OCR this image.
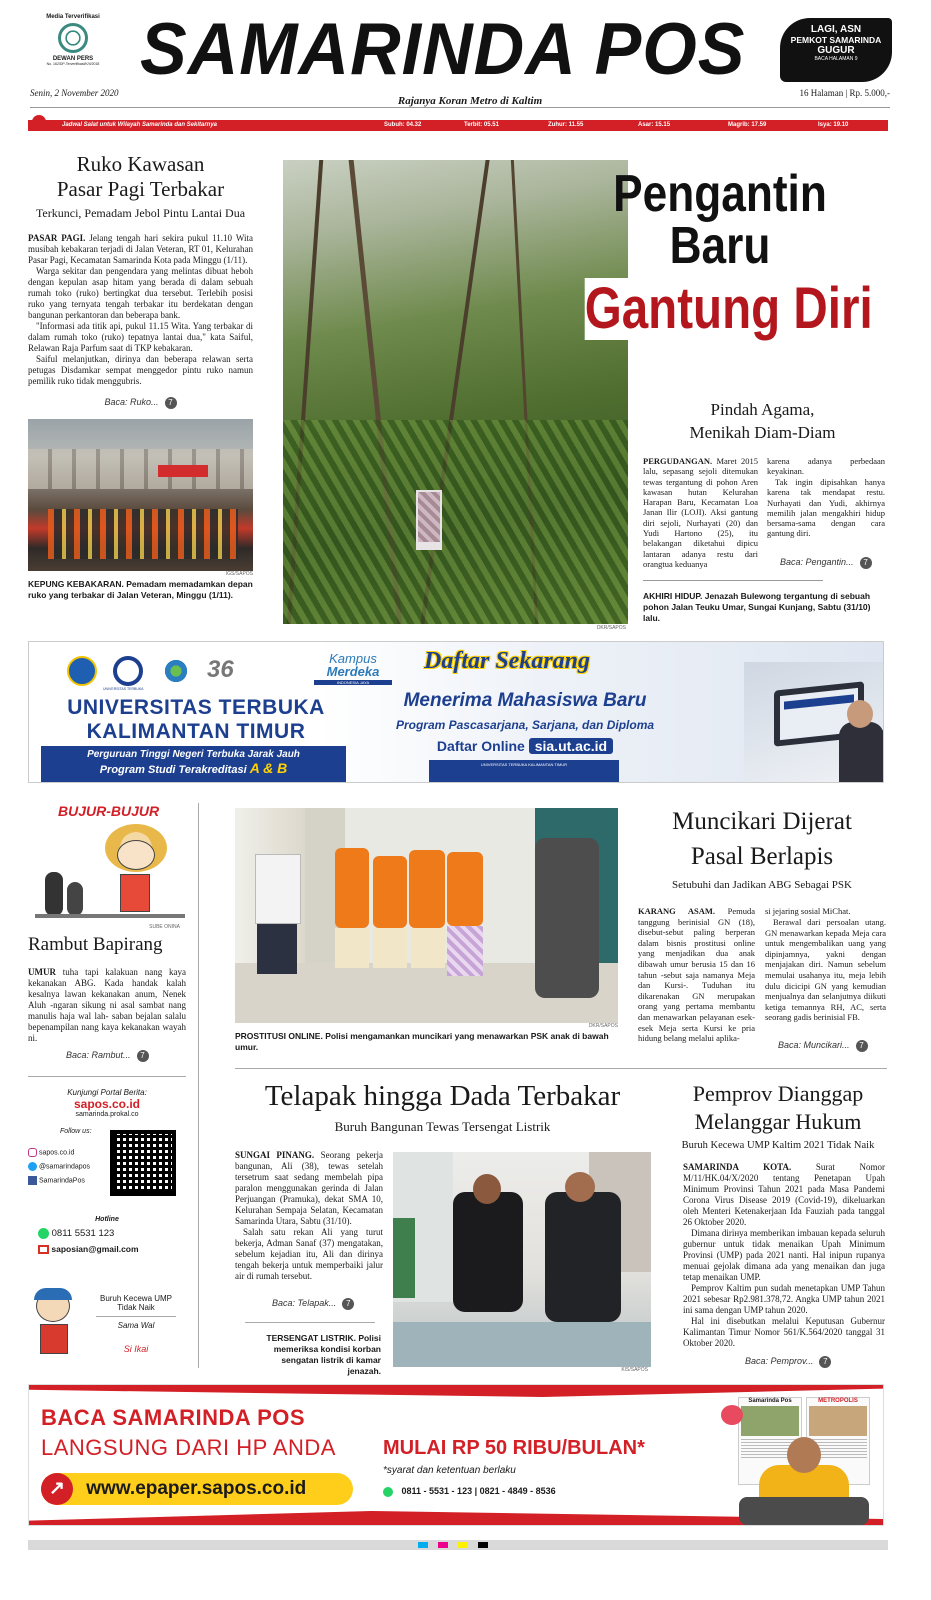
Media Terverifikasi
DEWAN PERS
No. 162/DP-Terverifikasi/K/II/2018 SAMARINDA POS	LAGI, ASN
PEMKOT SAMARINDA
GUGUR
BACA HALAMAN 9
Senin, 2 November 2020
Rajanya Koran Metro di Kaltim
16 Halaman | Rp. 5.000,-
Jadwal Salat untuk Wilayah Samarinda dan Sekitarnya	Subuh: 04.32	Terbit: 05.51	Zuhur: 11.55	Asar: 15.15	Magrib: 17.59	Isya: 19.10
Ruko Kawasan
Pasar Pagi Terbakar
Terkunci, Pemadam Jebol Pintu Lantai Dua

PASAR PAGI. Jelang tengah hari sekira pukul 11.10 Wita musibah kebakaran terjadi di Jalan Veteran, RT 01, Kelurahan Pasar Pagi, Kecamatan Samarinda Kota pada Minggu (1/11).

Warga sekitar dan pengendara yang melintas dibuat heboh dengan kepulan asap hitam yang berada di dalam sebuah rumah toko (ruko) bertingkat dua tersebut. Terlebih posisi ruko yang ternyata tengah terbakar itu berdekatan dengan bangunan perkantoran dan beberapa bank.

"Informasi ada titik api, pukul 11.15 Wita. Yang terbakar di dalam rumah toko (ruko) tepatnya lantai dua," kata Saiful, Relawan Raja Parfum saat di TKP kebakaran.

Saiful melanjutkan, dirinya dan beberapa relawan serta petugas Disdamkar sempat menggedor pintu ruko namun pemilik ruko tidak menggubris.

Baca: Ruko... 7
IGS/SAPOS
KEPUNG KEBAKARAN. Pemadam memadamkan depan ruko yang terbakar di Jalan Veteran, Minggu (1/11).
DKR/SAPOS
Pengantin
Baru
Gantung Diri
Pindah Agama,
Menikah Diam-Diam

PERGUDANGAN. Maret 2015 lalu, sepasang sejoli ditemukan tewas tergantung di pohon Aren kawasan hutan Kelurahan Harapan Baru, Kecamatan Loa Janan Ilir (LOJI). Aksi gantung diri sejoli, Nurhayati (20) dan Yudi Hartono (25), itu belakangan diketahui dipicu lantaran adanya restu dari orangtua keduanya

karena adanya perbedaan keyakinan.

Tak ingin dipisahkan hanya karena tak mendapat restu. Nurhayati dan Yudi, akhirnya memilih jalan mengakhiri hidup bersama-sama dengan cara gantung diri.

Baca: Pengantin... 7
AKHIRI HIDUP. Jenazah Bulewong tergantung di sebuah pohon Jalan Teuku Umar, Sungai Kunjang, Sabtu (31/10) lalu.
UNIVERSITAS TERBUKA
36
UNIVERSITAS TERBUKA
KALIMANTAN TIMUR
Perguruan Tinggi Negeri Terbuka Jarak Jauh
Program Studi Terakreditasi A & B
Kampus
Merdeka
INDONESIA JAYA
Daftar Sekarang
Menerima Mahasiswa Baru
Program Pascasarjana, Sarjana, dan Diploma
Daftar Online sia.ut.ac.id
UNIVERSITAS TERBUKA KALIMANTAN TIMUR
BUJUR-BUJUR
SUBE ONINA
Rambut Bapirang

UMUR tuha tapi kalakuan nang kaya kekanakan ABG. Kada handak kalah kesalnya lawan kekanakan anum, Nenek Aluh -ngaran sikung ni asal sambat nang manulis haja wal lah- saban bejalan salalu bepenampilan nang kaya kekanakan wayah ni.

Baca: Rambut... 7
Kunjungi Portal Berita:
sapos.co.id
samarinda.prokal.co
Follow us:
sapos.co.id
@samarindapos
SamarindaPos
Hotline
0811 5531 123
saposian@gmail.com
Buruh Kecewa UMP
Tidak Naik
Sama Wal
Si Ikai
DKR/SAPOS
PROSTITUSI ONLINE. Polisi mengamankan muncikari yang menawarkan PSK anak di bawah umur.
Muncikari Dijerat
Pasal Berlapis
Setubuhi dan Jadikan ABG Sebagai PSK

KARANG ASAM. Pemuda tanggung berinisial GN (18), disebut-sebut paling berperan dalam bisnis prostitusi online yang menjadikan dua anak dibawah umur berusia 15 dan 16 tahun -sebut saja namanya Meja dan Kursi-. Tuduhan itu dikarenakan GN merupakan orang yang pertama membantu dan menawarkan pelayanan esek-esek Meja serta Kursi ke pria hidung belang melalui aplika-

si jejaring sosial MiChat.

Berawal dari persoalan utang. GN menawarkan kepada Meja cara untuk mengembalikan uang yang dipinjamnya, yakni dengan menjajakan diri. Namun sebelum memulai usahanya itu, meja lebih dulu dicicipi GN yang kemudian menjualnya dan selanjutnya diikuti ketiga temannya RH, AC, serta seorang gadis berinisial FB.

Baca: Muncikari... 7
Telapak hingga Dada Terbakar
Buruh Bangunan Tewas Tersengat Listrik

SUNGAI PINANG. Seorang pekerja bangunan, Ali (38), tewas setelah tersetrum saat sedang membelah pipa paralon menggunakan gerinda di Jalan Perjuangan (Pramuka), dekat SMA 10, Kelurahan Sempaja Selatan, Kecamatan Samarinda Utara, Sabtu (31/10).

Salah satu rekan Ali yang turut bekerja, Adman Sanaf (37) mengatakan, sebelum kejadian itu, Ali dan dirinya tengah bekerja untuk memperbaiki jalur air di rumah tersebut.

Baca: Telapak... 7
TERSENGAT LISTRIK. Polisi memeriksa kondisi korban sengatan listrik di kamar jenazah.	KIS/SAPOS
Pemprov Dianggap
Melanggar Hukum
Buruh Kecewa UMP Kaltim 2021 Tidak Naik

SAMARINDA KOTA. Surat Nomor M/11/HK.04/X/2020 tentang Penetapan Upah Minimum Provinsi Tahun 2021 pada Masa Pandemi Corona Virus Disease 2019 (Covid-19), dikeluarkan oleh Menteri Ketenakerjaan Ida Fauziah pada tanggal 26 Oktober 2020.

Dimana diriнya memberikan imbauan kepada seluruh gubernur untuk tidak menaikan Upah Minimum Provinsi (UMP) pada 2021 nanti. Hal inipun rupanya menuai gejolak dimana ada yang menaikan dan juga tetap menaikan UMP.

Pemprov Kaltim pun sudah menetapkan UMP Tahun 2021 sebesar Rp2.981.378,72. Angka UMP tahun 2021 ini sama dengan UMP tahun 2020.

Hal ini disebutkan melalui Keputusan Gubernur Kalimantan Timur Nomor 561/K.564/2020 tanggal 31 Oktober 2020.

Baca: Pemprov... 7
BACA SAMARINDA POS
LANGSUNG DARI HP ANDA
↗ www.epaper.sapos.co.id
MULAI RP 50 RIBU/BULAN*
*syarat dan ketentuan berlaku
0811 - 5531 - 123 | 0821 - 4849 - 8536
Samarinda Pos	METROPOLIS
